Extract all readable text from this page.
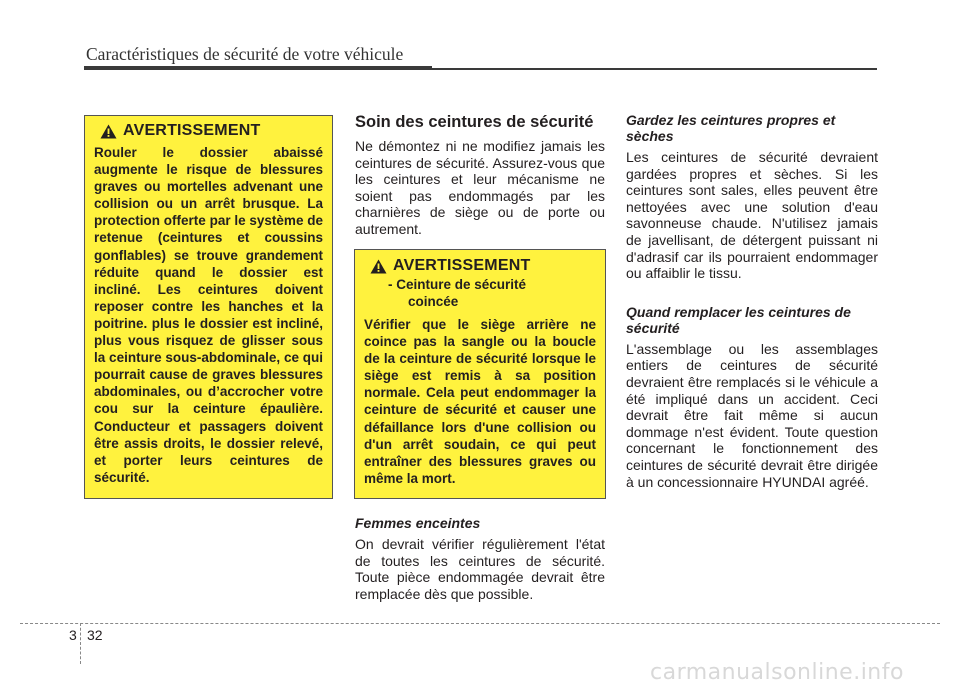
Caractéristiques de sécurité de votre véhicule
AVERTISSEMENT

Rouler le dossier abaissé augmente le risque de blessures graves ou mortelles advenant une collision ou un arrêt brusque. La protection offerte par le système de retenue (ceintures et coussins gonflables) se trouve grandement réduite quand le dossier est incliné. Les ceintures doivent reposer contre les hanches et la poitrine. plus le dossier est incliné, plus vous risquez de glisser sous la ceinture sous-abdominale, ce qui pourrait cause de graves blessures abdominales, ou d’accrocher votre cou sur la ceinture épaulière. Conducteur et passagers doivent être assis droits, le dossier relevé, et porter leurs ceintures de sécurité.

Soin des ceintures de sécurité

Ne démontez ni ne modifiez jamais les ceintures de sécurité. Assurez-vous que les ceintures et leur mécanisme ne soient pas endommagés par les charnières de siège ou de porte ou autrement.

AVERTISSEMENT
- Ceinture de sécurité
coincée

Vérifier que le siège arrière ne coince pas la sangle ou la boucle de la ceinture de sécurité lorsque le siège est remis à sa position normale. Cela peut endommager la ceinture de sécurité et causer une défaillance lors d'une collision ou d'un arrêt soudain, ce qui peut entraîner des blessures graves ou même la mort.

Femmes enceintes

On devrait vérifier régulièrement l'état de toutes les ceintures de sécurité. Toute pièce endommagée devrait être remplacée dès que possible.

Gardez les ceintures propres et sèches

Les ceintures de sécurité devraient gardées propres et sèches. Si les ceintures sont sales, elles peuvent être nettoyées avec une solution d'eau savonneuse chaude. N'utilisez jamais de javellisant, de détergent puissant ni d'adrasif car ils pourraient endommager ou affaiblir le tissu.

Quand remplacer les ceintures de sécurité

L'assemblage ou les assemblages entiers de ceintures de sécurité devraient être remplacés si le véhicule a été impliqué dans un accident. Ceci devrait être fait même si aucun dommage n'est évident. Toute question concernant le fonctionnement des ceintures de sécurité devrait être dirigée à un concessionnaire HYUNDAI agréé.

3 32
carmanualsonline.info
